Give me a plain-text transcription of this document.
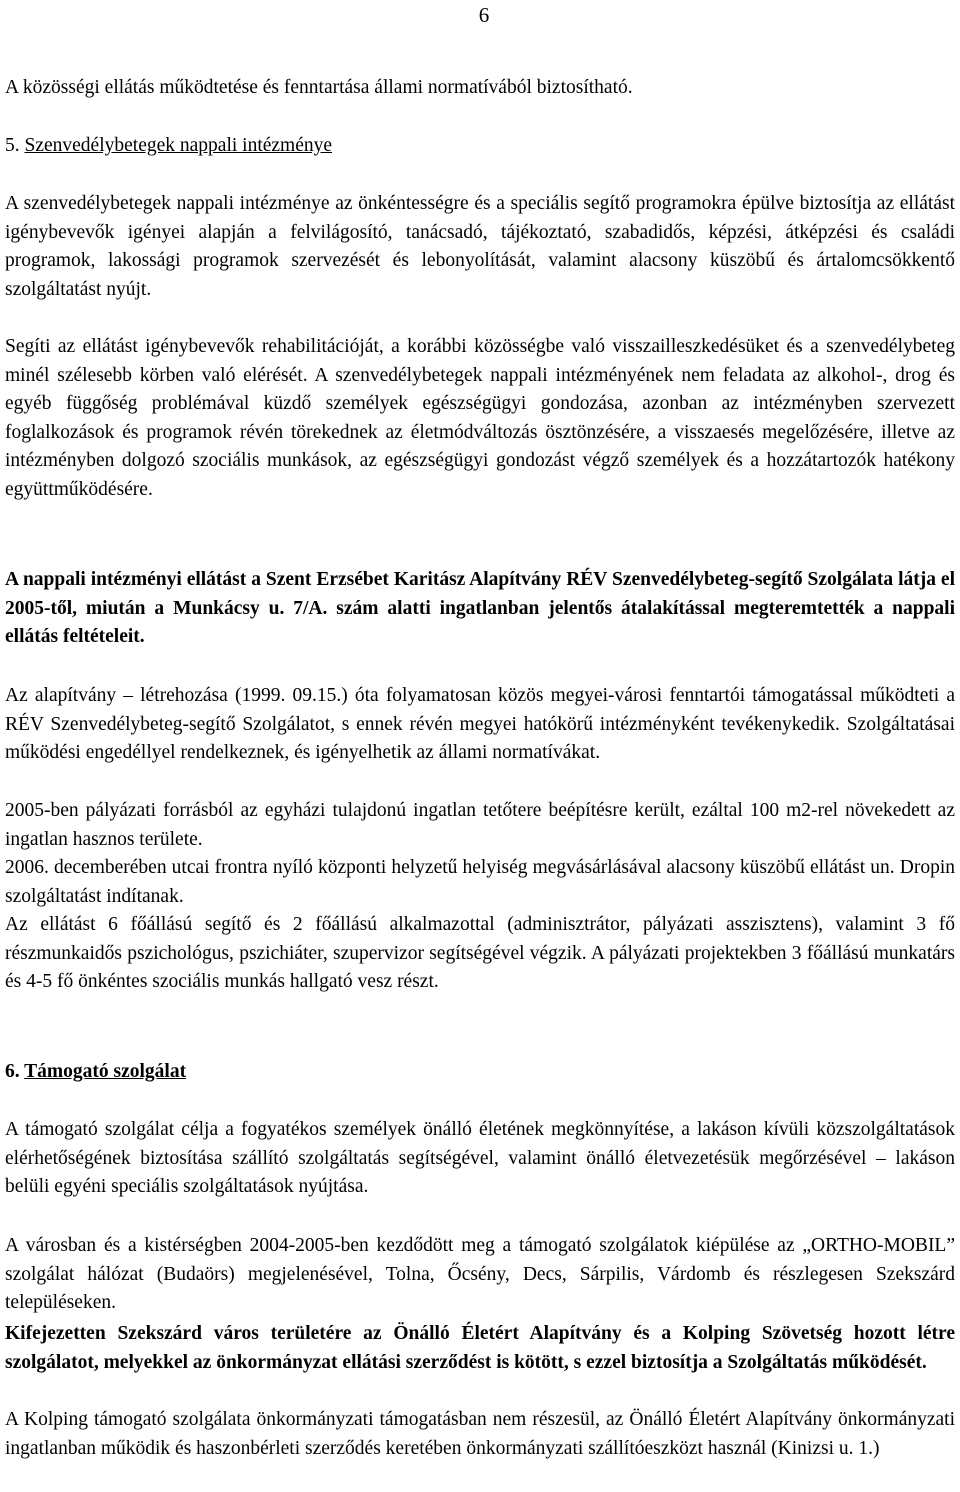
6

A közösségi ellátás működtetése és fenntartása állami normatívából biztosítható.

5. Szenvedélybetegek nappali intézménye

A szenvedélybetegek nappali intézménye az önkéntességre és a speciális segítő programokra épülve biztosítja az ellátást igénybevevők igényei alapján a felvilágosító, tanácsadó, tájékoztató, szabadidős, képzési, átképzési és családi programok, lakossági programok szervezését és lebonyolítását, valamint alacsony küszöbű és ártalomcsökkentő szolgáltatást nyújt.

Segíti az ellátást igénybevevők rehabilitációját, a korábbi közösségbe való visszailleszkedésüket és a szenvedélybeteg minél szélesebb körben való elérését. A szenvedélybetegek nappali intézményének nem feladata az alkohol-, drog és egyéb függőség problémával küzdő személyek egészségügyi gondozása, azonban az intézményben szervezett foglalkozások és programok révén törekednek az életmódváltozás ösztönzésére, a visszaesés megelőzésére, illetve az intézményben dolgozó szociális munkások, az egészségügyi gondozást végző személyek és a hozzátartozók hatékony együttműködésére.

A nappali intézményi ellátást a Szent Erzsébet Karitász Alapítvány RÉV Szenvedélybeteg-segítő Szolgálata látja el 2005-től, miután a Munkácsy u. 7/A. szám alatti ingatlanban jelentős átalakítással megteremtették a nappali ellátás feltételeit.

Az alapítvány – létrehozása (1999. 09.15.) óta folyamatosan közös megyei-városi fenntartói támogatással működteti a RÉV Szenvedélybeteg-segítő Szolgálatot, s ennek révén megyei hatókörű intézményként tevékenykedik. Szolgáltatásai működési engedéllyel rendelkeznek, és igényelhetik az állami normatívákat.

2005-ben pályázati forrásból az egyházi tulajdonú ingatlan tetőtere beépítésre került, ezáltal 100 m2-rel növekedett az ingatlan hasznos területe.

2006. decemberében utcai frontra nyíló központi helyzetű helyiség megvásárlásával alacsony küszöbű ellátást un. Dropin szolgáltatást indítanak.

Az ellátást 6 főállású segítő és 2 főállású alkalmazottal (adminisztrátor, pályázati asszisztens), valamint 3 fő részmunkaidős pszichológus, pszichiáter, szupervizor segítségével végzik. A pályázati projektekben 3 főállású munkatárs és 4-5 fő önkéntes szociális munkás hallgató vesz részt.

6. Támogató szolgálat

A támogató szolgálat célja a fogyatékos személyek önálló életének megkönnyítése, a lakáson kívüli közszolgáltatások elérhetőségének biztosítása szállító szolgáltatás segítségével, valamint önálló életvezetésük megőrzésével – lakáson belüli egyéni speciális szolgáltatások nyújtása.

A városban és a kistérségben 2004-2005-ben kezdődött meg a támogató szolgálatok kiépülése az „ORTHO-MOBIL” szolgálat hálózat (Budaörs) megjelenésével, Tolna, Őcsény, Decs, Sárpilis, Várdomb és részlegesen Szekszárd településeken.

Kifejezetten Szekszárd város területére az Önálló Életért Alapítvány és a Kolping Szövetség hozott létre szolgálatot, melyekkel az önkormányzat ellátási szerződést is kötött, s ezzel biztosítja a Szolgáltatás működését.

A Kolping támogató szolgálata önkormányzati támogatásban nem részesül, az Önálló Életért Alapítvány önkormányzati ingatlanban működik és haszonbérleti szerződés keretében önkormányzati szállítóeszközt használ (Kinizsi u. 1.)
